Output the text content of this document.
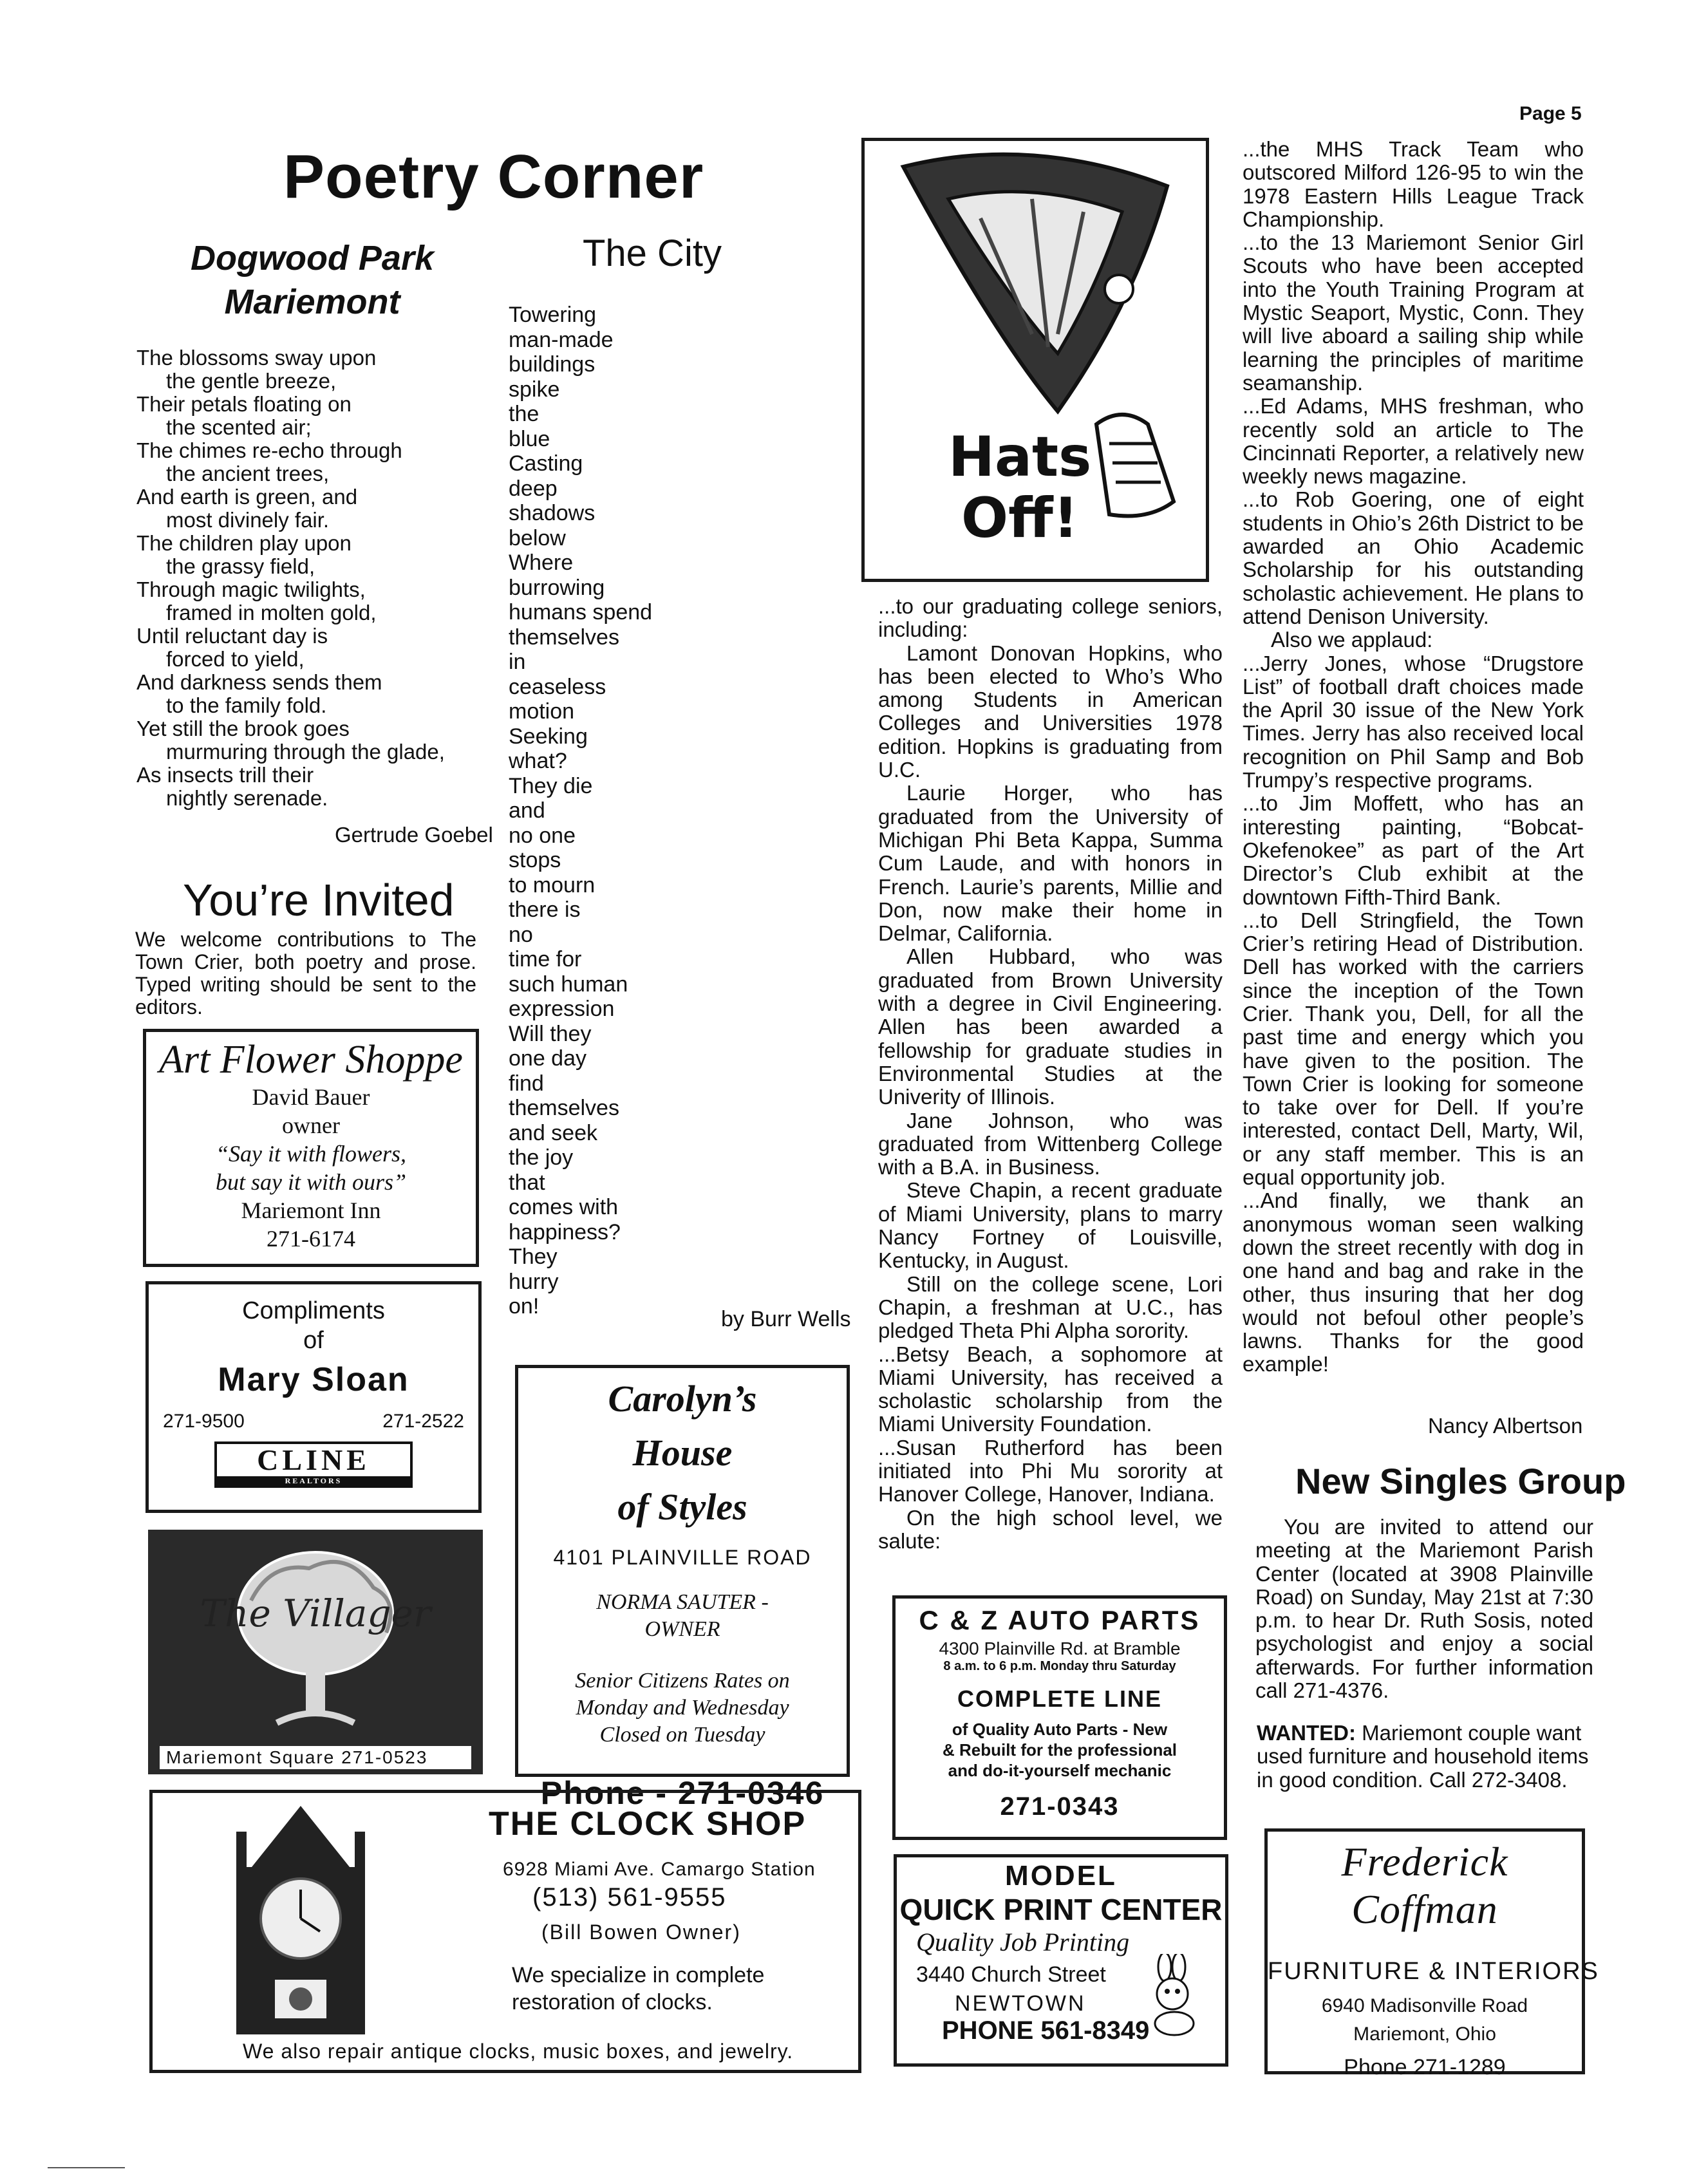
Page 5
Poetry Corner
Dogwood Park
Mariemont
The blossoms sway upon
the gentle breeze,
Their petals floating on
the scented air;
The chimes re-echo through
the ancient trees,
And earth is green, and
most divinely fair.
The children play upon
the grassy field,
Through magic twilights,
framed in molten gold,
Until reluctant day is
forced to yield,
And darkness sends them
to the family fold.
Yet still the brook goes
murmuring through the glade,
As insects trill their
nightly serenade.
Gertrude Goebel
You’re Invited
We welcome contributions to The Town Crier, both poetry and prose. Typed writing should be sent to the editors.
Art Flower Shoppe
David Bauer
owner
“Say it with flowers,
but say it with ours”
Mariemont Inn
271-6174
Compliments
of
Mary Sloan
271-9500	271-2522
CLINE
REALTORS
The Villager
Mariemont Square 271-0523
The City
Towering
man-made
buildings
spike
the
blue
Casting
deep
shadows
below
Where
burrowing
humans spend
themselves
in
ceaseless
motion
Seeking
what?
They die
and
no one
stops
to mourn
there is
no
time for
such human
expression
Will they
one day
find
themselves
and seek
the joy
that
comes with
happiness?
They
hurry
on!
by Burr Wells
Carolyn’s
House
of Styles
4101 PLAINVILLE ROAD
NORMA SAUTER -
OWNER
Senior Citizens Rates on
Monday and Wednesday
Closed on Tuesday
Phone - 271-0346
THE CLOCK SHOP
6928 Miami Ave. Camargo Station
(513) 561-9555
(Bill Bowen Owner)
We specialize in complete
restoration of clocks.
We also repair antique clocks, music boxes, and jewelry.
Hats
Off!

...to our graduating college seniors, including:

Lamont Donovan Hopkins, who has been elected to Who’s Who among Students in American Colleges and Universities 1978 edition. Hopkins is graduating from U.C.

Laurie Horger, who has graduated from the University of Michigan Phi Beta Kappa, Summa Cum Laude, and with honors in French. Laurie’s parents, Millie and Don, now make their home in Delmar, California.

Allen Hubbard, who was graduated from Brown University with a degree in Civil Engineering. Allen has been awarded a fellowship for graduate studies in Environmental Studies at the Univerity of Illinois.

Jane Johnson, who was graduated from Wittenberg College with a B.A. in Business.

Steve Chapin, a recent graduate of Miami University, plans to marry Nancy Fortney of Louisville, Kentucky, in August.

Still on the college scene, Lori Chapin, a freshman at U.C., has pledged Theta Phi Alpha sorority.

...Betsy Beach, a sophomore at Miami University, has received a scholastic scholarship from the Miami University Foundation.

...Susan Rutherford has been initiated into Phi Mu sorority at Hanover College, Hanover, Indiana.

On the high school level, we salute:

C & Z AUTO PARTS
4300 Plainville Rd. at Bramble
8 a.m. to 6 p.m. Monday thru Saturday
COMPLETE LINE
of Quality Auto Parts - New
& Rebuilt for the professional
and do-it-yourself mechanic
271-0343
MODEL
QUICK PRINT CENTER
Quality Job Printing
3440 Church Street
NEWTOWN
PHONE 561-8349

...the MHS Track Team who outscored Milford 126-95 to win the 1978 Eastern Hills League Track Championship.

...to the 13 Mariemont Senior Girl Scouts who have been accepted into the Youth Training Program at Mystic Seaport, Mystic, Conn. They will live aboard a sailing ship while learning the principles of maritime seamanship.

...Ed Adams, MHS freshman, who recently sold an article to The Cincinnati Reporter, a relatively new weekly news magazine.

...to Rob Goering, one of eight students in Ohio’s 26th District to be awarded an Ohio Academic Scholarship for his outstanding scholastic achievement. He plans to attend Denison University.

Also we applaud:

...Jerry Jones, whose “Drugstore List” of football draft choices made the April 30 issue of the New York Times. Jerry has also received local recognition on Phil Samp and Bob Trumpy’s respective programs.

...to Jim Moffett, who has an interesting painting, “Bobcat-Okefenokee” as part of the Art Director’s Club exhibit at the downtown Fifth-Third Bank.

...to Dell Stringfield, the Town Crier’s retiring Head of Distribution. Dell has worked with the carriers since the inception of the Town Crier. Thank you, Dell, for all the past time and energy which you have given to the position. The Town Crier is looking for someone to take over for Dell. If you’re interested, contact Dell, Marty, Wil, or any staff member. This is an equal opportunity job.

...And finally, we thank an anonymous woman seen walking down the street recently with dog in one hand and bag and rake in the other, thus insuring that her dog would not befoul other people’s lawns. Thanks for the good example!

Nancy Albertson
New Singles Group
You are invited to attend our meeting at the Mariemont Parish Center (located at 3908 Plainville Road) on Sunday, May 21st at 7:30 p.m. to hear Dr. Ruth Sosis, noted psychologist and enjoy a social afterwards. For further information call 271-4376.
WANTED: Mariemont couple want used furniture and household items in good condition. Call 272-3408.
Frederick Coffman
FURNITURE & INTERIORS
6940 Madisonville Road
Mariemont, Ohio
Phone 271-1289
